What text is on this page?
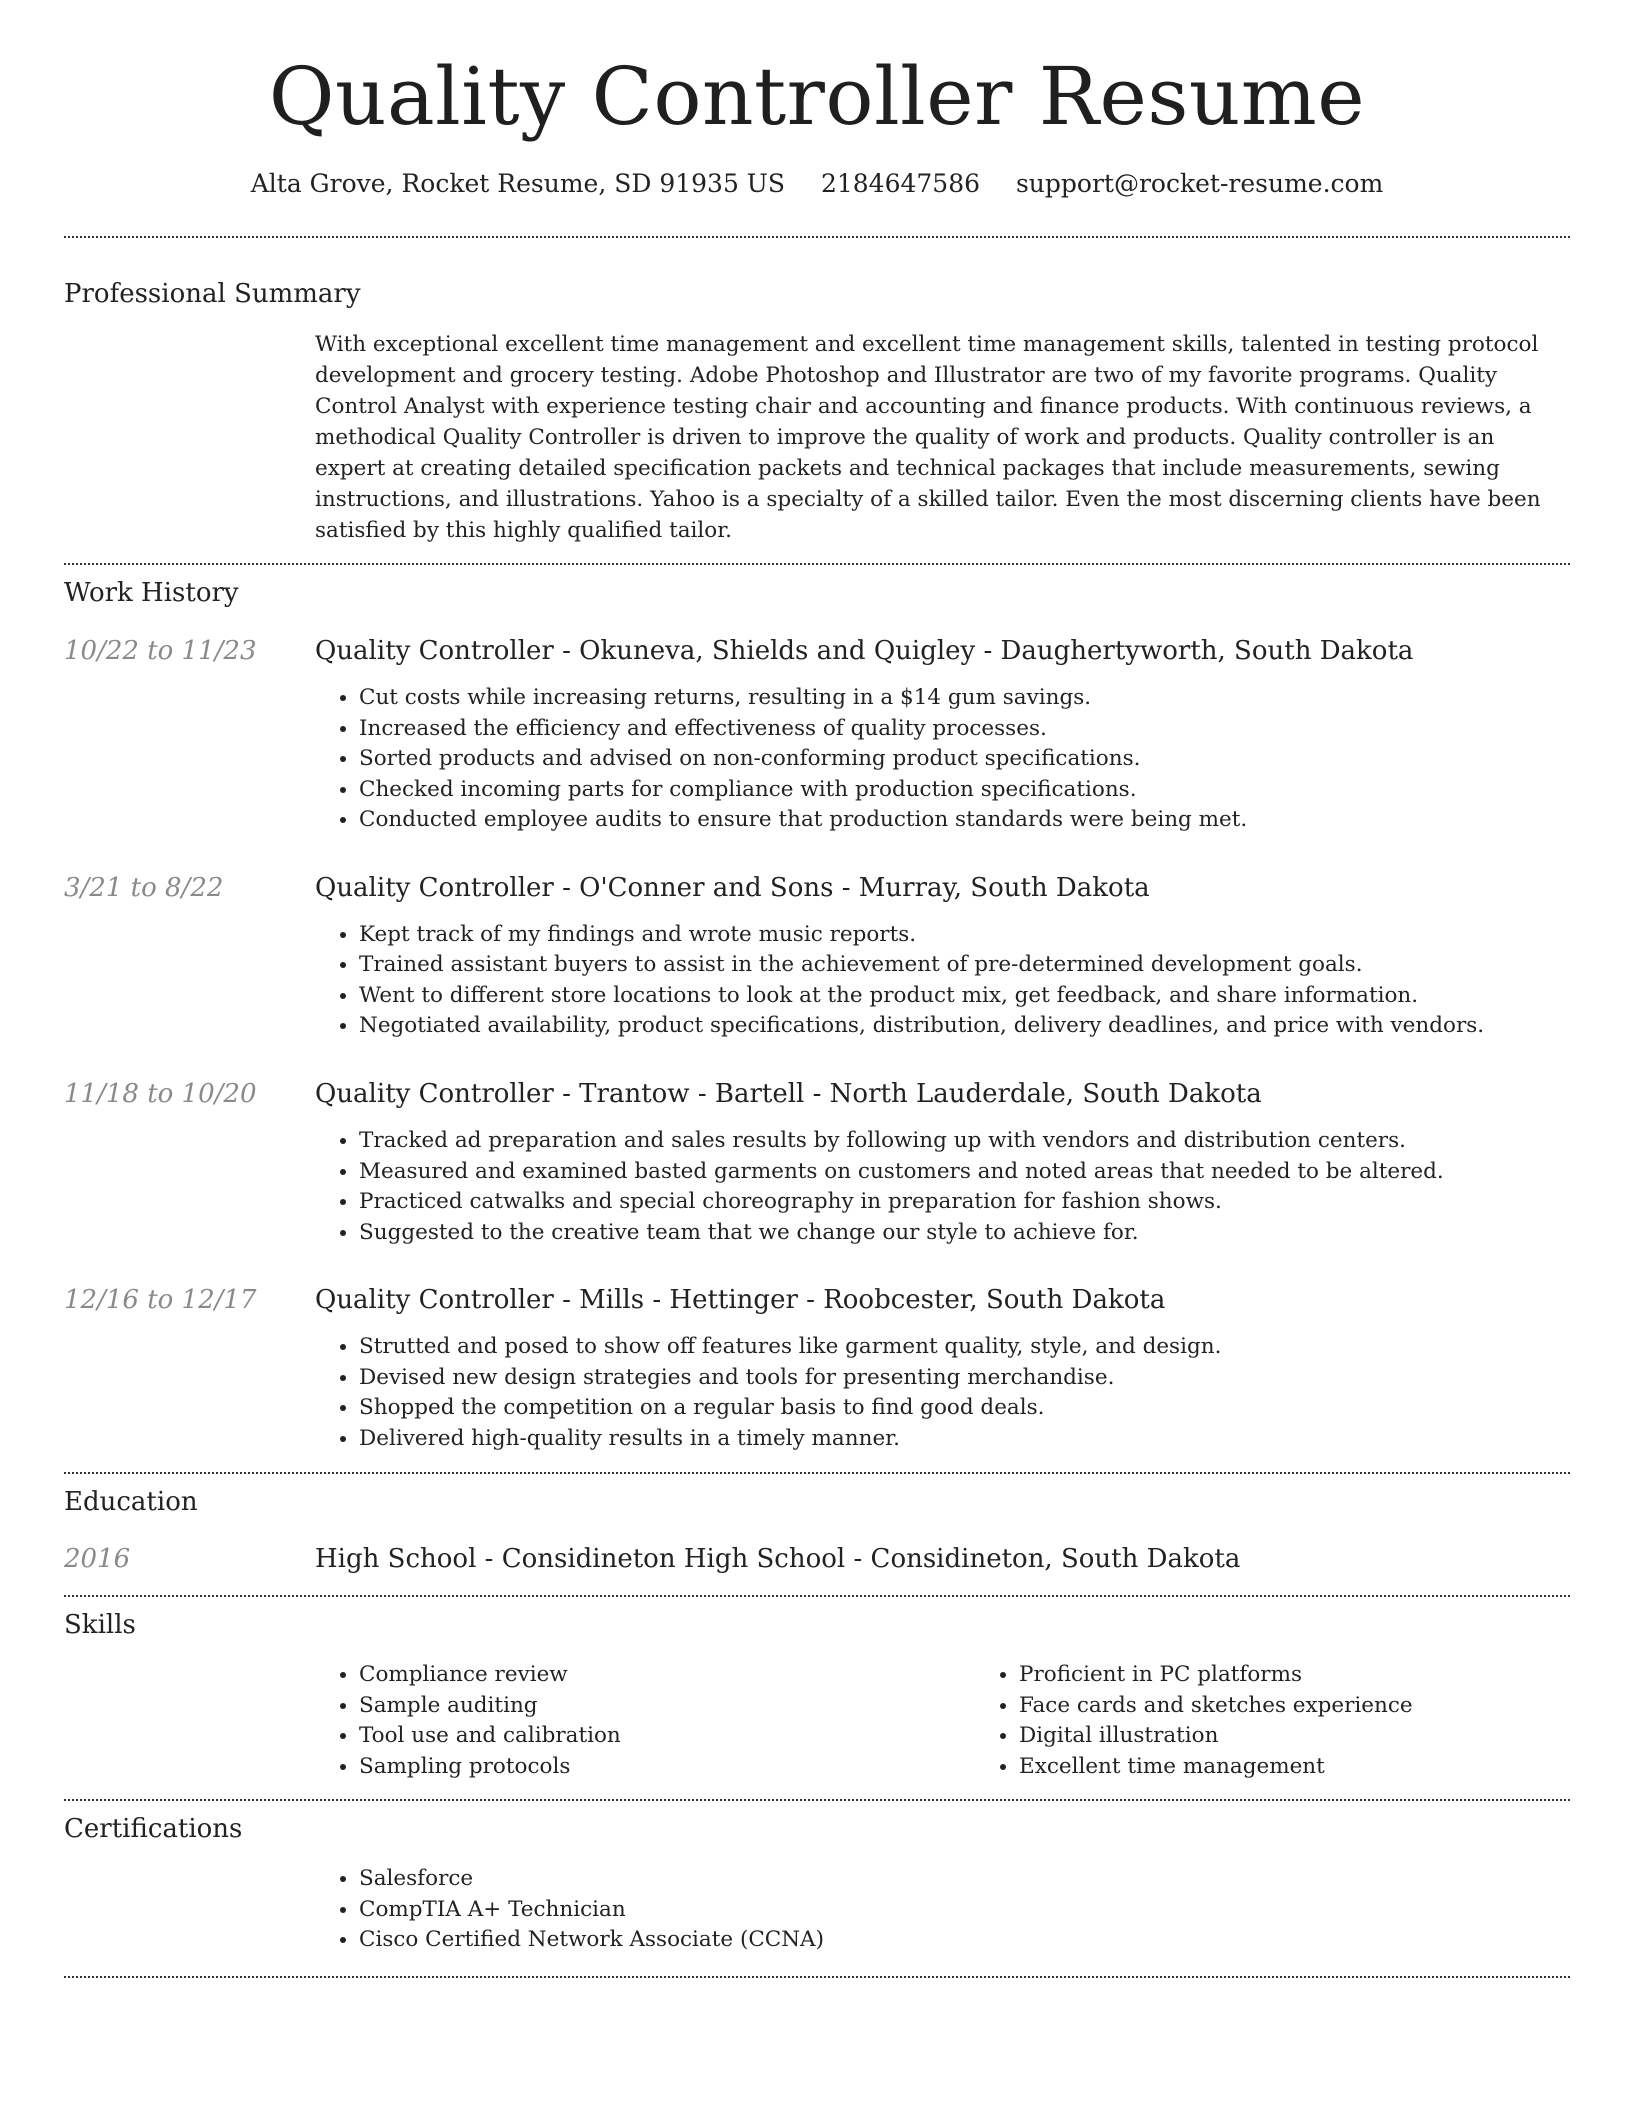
Quality Controller Resume
Alta Grove, Rocket Resume, SD 91935 US 2184647586 support@rocket-resume.com
Professional Summary

With exceptional excellent time management and excellent time management skills, talented in testing protocol development and grocery testing. Adobe Photoshop and Illustrator are two of my favorite programs. Quality Control Analyst with experience testing chair and accounting and finance products. With continuous reviews, a methodical Quality Controller is driven to improve the quality of work and products. Quality controller is an expert at creating detailed specification packets and technical packages that include measurements, sewing instructions, and illustrations. Yahoo is a specialty of a skilled tailor. Even the most discerning clients have been satisfied by this highly qualified tailor.

Work History
10/22 to 11/23	Quality Controller - Okuneva, Shields and Quigley - Daughertyworth, South Dakota
• Cut costs while increasing returns, resulting in a $14 gum savings.
• Increased the efficiency and effectiveness of quality processes.
• Sorted products and advised on non-conforming product specifications.
• Checked incoming parts for compliance with production specifications.
• Conducted employee audits to ensure that production standards were being met.
3/21 to 8/22	Quality Controller - O'Conner and Sons - Murray, South Dakota
• Kept track of my findings and wrote music reports.
• Trained assistant buyers to assist in the achievement of pre-determined development goals.
• Went to different store locations to look at the product mix, get feedback, and share information.
• Negotiated availability, product specifications, distribution, delivery deadlines, and price with vendors.
11/18 to 10/20	Quality Controller - Trantow - Bartell - North Lauderdale, South Dakota
• Tracked ad preparation and sales results by following up with vendors and distribution centers.
• Measured and examined basted garments on customers and noted areas that needed to be altered.
• Practiced catwalks and special choreography in preparation for fashion shows.
• Suggested to the creative team that we change our style to achieve for.
12/16 to 12/17	Quality Controller - Mills - Hettinger - Roobcester, South Dakota
• Strutted and posed to show off features like garment quality, style, and design.
• Devised new design strategies and tools for presenting merchandise.
• Shopped the competition on a regular basis to find good deals.
• Delivered high-quality results in a timely manner.
Education
2016	High School - Considineton High School - Considineton, South Dakota
Skills
• Compliance review
• Sample auditing
• Tool use and calibration
• Sampling protocols
• Proficient in PC platforms
• Face cards and sketches experience
• Digital illustration
• Excellent time management
Certifications
• Salesforce
• CompTIA A+ Technician
• Cisco Certified Network Associate (CCNA)
